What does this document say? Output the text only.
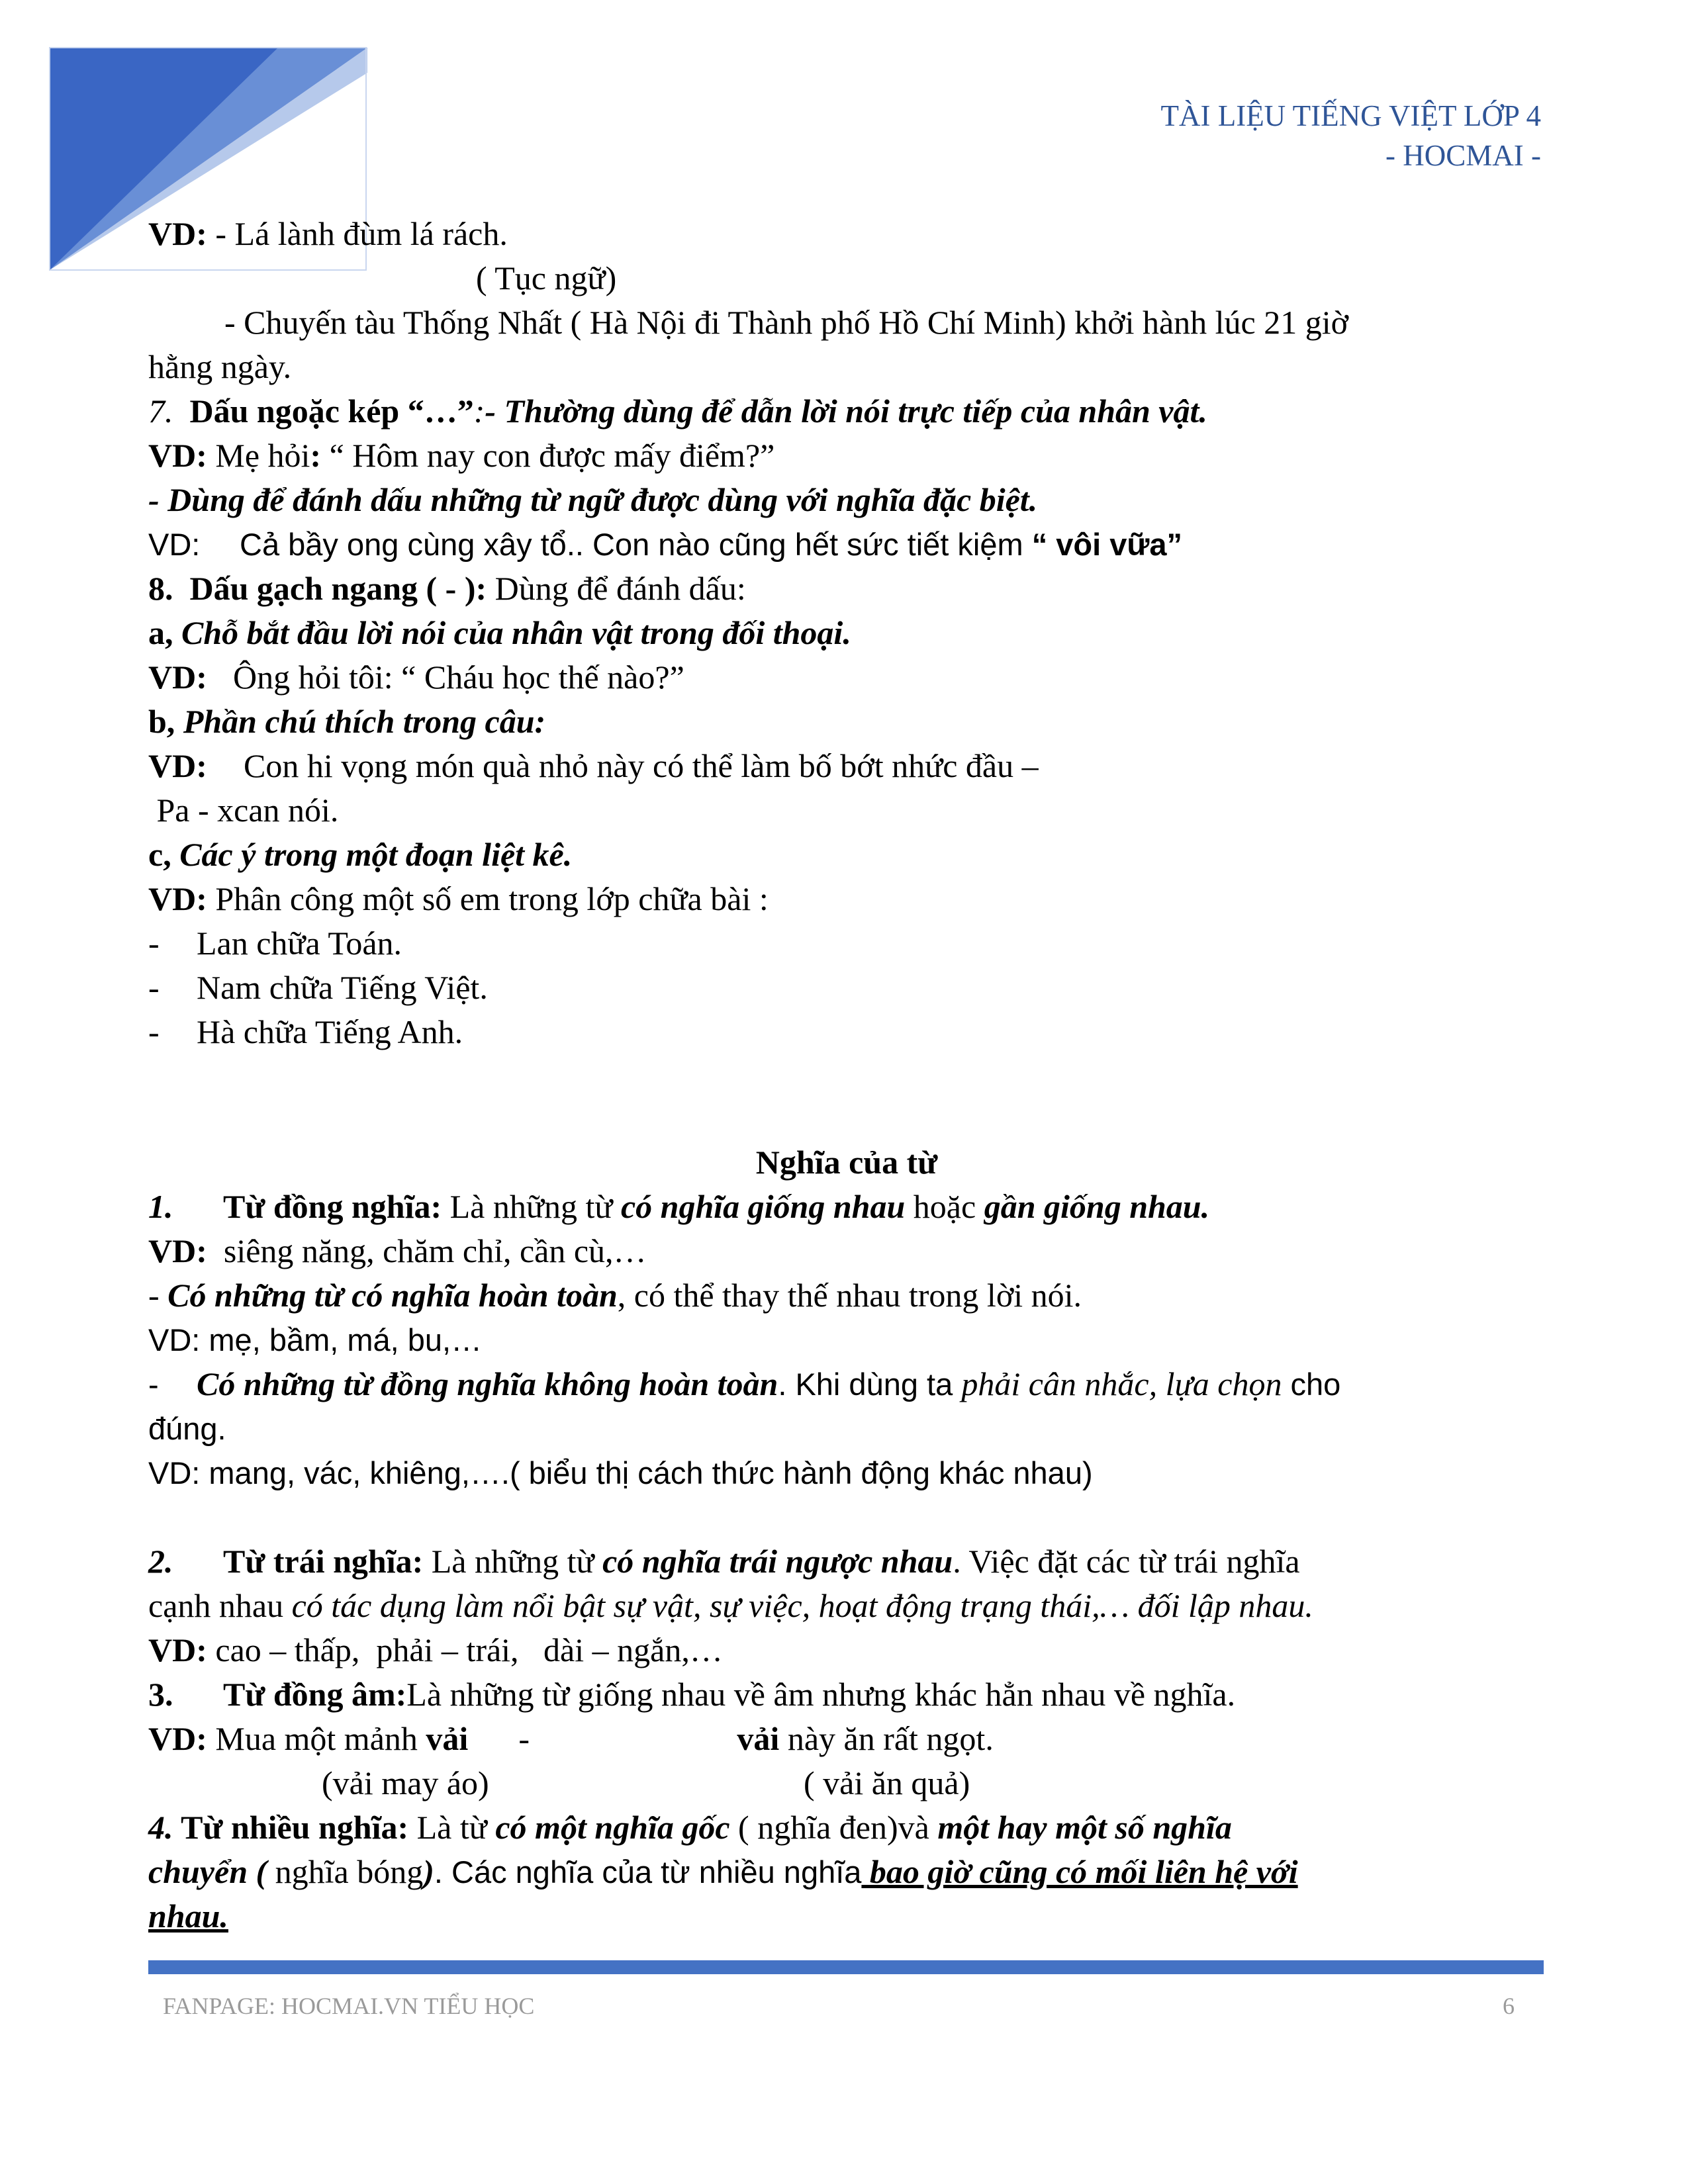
TÀI LIỆU TIẾNG VIỆT LỚP 4
- HOCMAI -
VD: - Lá lành đùm lá rách.
( Tục ngữ)
- Chuyến tàu Thống Nhất ( Hà Nội đi Thành phố Hồ Chí Minh) khởi hành lúc 21 giờ
hằng ngày.
7. Dấu ngoặc kép “…”:- Thường dùng để dẫn lời nói trực tiếp của nhân vật.
VD: Mẹ hỏi: “ Hôm nay con được mấy điểm?”
- Dùng để đánh dấu những từ ngữ được dùng với nghĩa đặc biệt.
VD: Cả bầy ong cùng xây tổ.. Con nào cũng hết sức tiết kiệm “ vôi vữa”
8.  Dấu gạch ngang ( - ): Dùng để đánh dấu:
a, Chỗ bắt đầu lời nói của nhân vật trong đối thoại.
VD: Ông hỏi tôi: “ Cháu học thế nào?”
b, Phần chú thích trong câu:
VD: Con hi vọng món quà nhỏ này có thể làm bố bớt nhức đầu –
Pa - xcan nói.
c, Các ý trong một đoạn liệt kê.
VD: Phân công một số em trong lớp chữa bài :
- Lan chữa Toán.
- Nam chữa Tiếng Việt.
- Hà chữa Tiếng Anh.
Nghĩa của từ
1. Từ đồng nghĩa: Là những từ có nghĩa giống nhau hoặc gần giống nhau.
VD:  siêng năng, chăm chỉ, cần cù,…
- Có những từ có nghĩa hoàn toàn, có thể thay thế nhau trong lời nói.
VD: mẹ, bầm, má, bu,…
- Có những từ đồng nghĩa không hoàn toàn. Khi dùng ta phải cân nhắc, lựa chọn cho
đúng.
VD: mang, vác, khiêng,….( biểu thị cách thức hành động khác nhau)
2. Từ trái nghĩa: Là những từ có nghĩa trái ngược nhau. Việc đặt các từ trái nghĩa
cạnh nhau có tác dụng làm nổi bật sự vật, sự việc, hoạt động trạng thái,… đối lập nhau.
VD: cao – thấp,  phải – trái,   dài – ngắn,…
3. Từ đồng âm:Là những từ giống nhau về âm nhưng khác hẳn nhau về nghĩa.
VD: Mua một mảnh vải -	vải này ăn rất ngọt.
(vải may áo)	( vải ăn quả)
4. Từ nhiều nghĩa: Là từ có một nghĩa gốc ( nghĩa đen)và một hay một số nghĩa
chuyển ( nghĩa bóng). Các nghĩa của từ nhiều nghĩa bao giờ cũng có mối liên hệ với
nhau.
FANPAGE: HOCMAI.VN TIỂU HỌC	6
